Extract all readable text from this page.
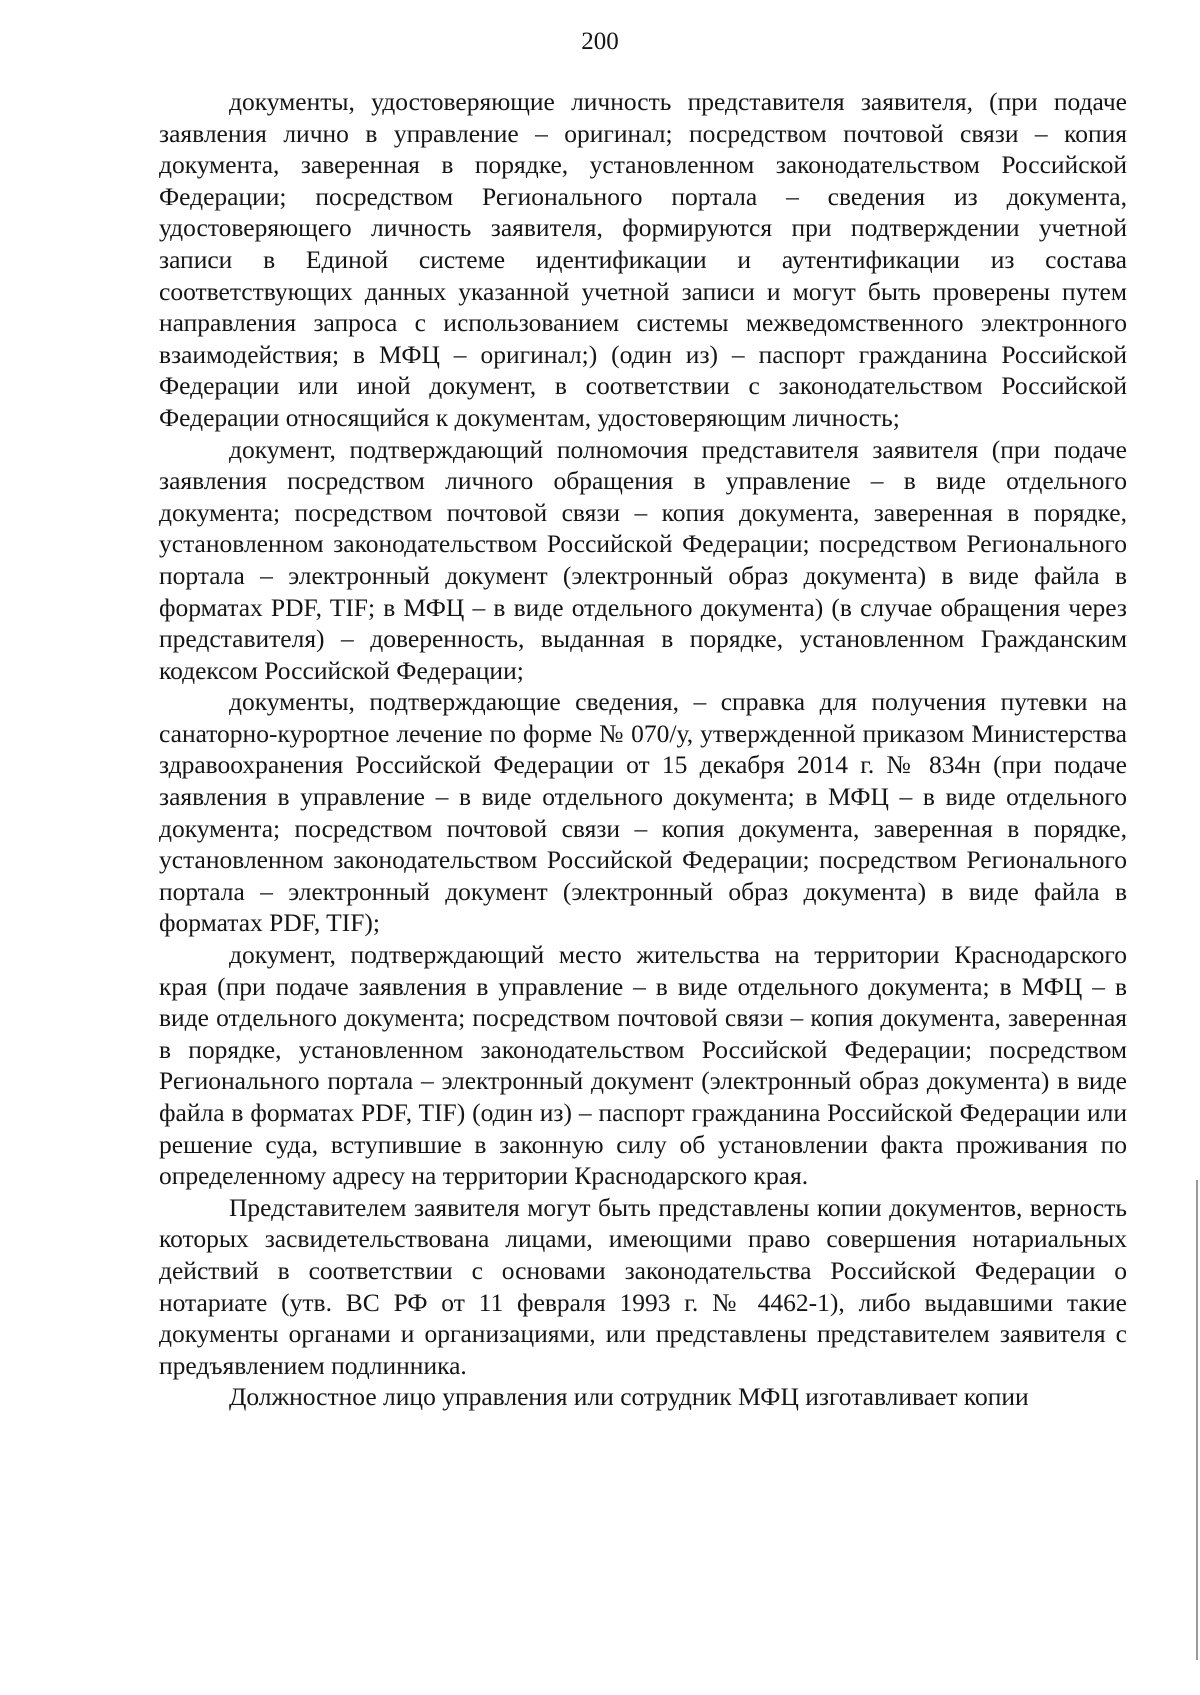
200

документы, удостоверяющие личность представителя заявителя, (при подаче заявления лично в управление – оригинал; посредством почтовой связи – копия документа, заверенная в порядке, установленном законодательством Российской Федерации; посредством Регионального портала – сведения из документа, удостоверяющего личность заявителя, формируются при подтверждении учетной записи в Единой системе идентификации и аутентификации из состава соответствующих данных указанной учетной записи и могут быть проверены путем направления запроса с использованием системы межведомственного электронного взаимодействия; в МФЦ – оригинал;) (один из) – паспорт гражданина Российской Федерации или иной документ, в соответствии с законодательством Российской Федерации относящийся к документам, удостоверяющим личность;

документ, подтверждающий полномочия представителя заявителя (при подаче заявления посредством личного обращения в управление – в виде отдельного документа; посредством почтовой связи – копия документа, заверенная в порядке, установленном законодательством Российской Федерации; посредством Регионального портала – электронный документ (электронный образ документа) в виде файла в форматах PDF, TIF; в МФЦ – в виде отдельного документа) (в случае обращения через представителя) – доверенность, выданная в порядке, установленном Гражданским кодексом Российской Федерации;

документы, подтверждающие сведения, – справка для получения путевки на санаторно-курортное лечение по форме № 070/у, утвержденной приказом Министерства здравоохранения Российской Федерации от 15 декабря 2014 г. № 834н (при подаче заявления в управление – в виде отдельного документа; в МФЦ – в виде отдельного документа; посредством почтовой связи – копия документа, заверенная в порядке, установленном законодательством Российской Федерации; посредством Регионального портала – электронный документ (электронный образ документа) в виде файла в форматах PDF, TIF);

документ, подтверждающий место жительства на территории Краснодарского края (при подаче заявления в управление – в виде отдельного документа; в МФЦ – в виде отдельного документа; посредством почтовой связи – копия документа, заверенная в порядке, установленном законодательством Российской Федерации; посредством Регионального портала – электронный документ (электронный образ документа) в виде файла в форматах PDF, TIF) (один из) – паспорт гражданина Российской Федерации или решение суда, вступившие в законную силу об установлении факта проживания по определенному адресу на территории Краснодарского края.

Представителем заявителя могут быть представлены копии документов, верность которых засвидетельствована лицами, имеющими право совершения нотариальных действий в соответствии с основами законодательства Российской Федерации о нотариате (утв. ВС РФ от 11 февраля 1993 г. № 4462-1), либо выдавшими такие документы органами и организациями, или представлены представителем заявителя с предъявлением подлинника.

Должностное лицо управления или сотрудник МФЦ изготавливает копии
